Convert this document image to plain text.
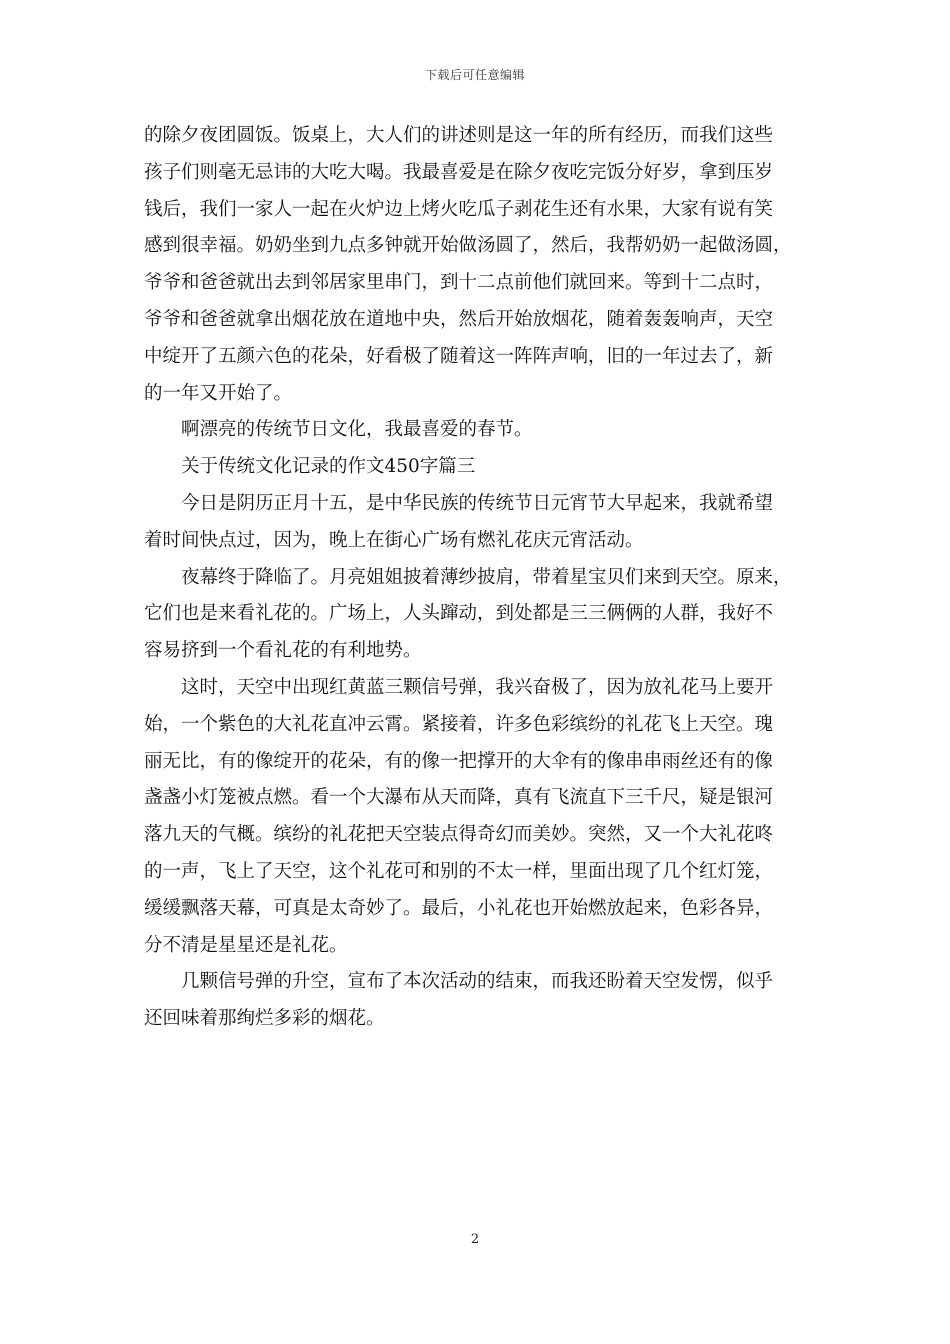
下载后可任意编辑
的除夕夜团圆饭。饭桌上，大人们的讲述则是这一年的所有经历，而我们这些
孩子们则毫无忌讳的大吃大喝。我最喜爱是在除夕夜吃完饭分好岁，拿到压岁
钱后，我们一家人一起在火炉边上烤火吃瓜子剥花生还有水果，大家有说有笑
感到很幸福。奶奶坐到九点多钟就开始做汤圆了，然后，我帮奶奶一起做汤圆，
爷爷和爸爸就出去到邻居家里串门，到十二点前他们就回来。等到十二点时，
爷爷和爸爸就拿出烟花放在道地中央，然后开始放烟花，随着轰轰响声，天空
中绽开了五颜六色的花朵，好看极了随着这一阵阵声响，旧的一年过去了，新
的一年又开始了。
啊漂亮的传统节日文化，我最喜爱的春节。
关于传统文化记录的作文450字篇三
今日是阴历正月十五，是中华民族的传统节日元宵节大早起来，我就希望
着时间快点过，因为，晚上在街心广场有燃礼花庆元宵活动。
夜幕终于降临了。月亮姐姐披着薄纱披肩，带着星宝贝们来到天空。原来，
它们也是来看礼花的。广场上，人头蹿动，到处都是三三俩俩的人群，我好不
容易挤到一个看礼花的有利地势。
这时，天空中出现红黄蓝三颗信号弹，我兴奋极了，因为放礼花马上要开
始，一个紫色的大礼花直冲云霄。紧接着，许多色彩缤纷的礼花飞上天空。瑰
丽无比，有的像绽开的花朵，有的像一把撑开的大伞有的像串串雨丝还有的像
盏盏小灯笼被点燃。看一个大瀑布从天而降，真有飞流直下三千尺，疑是银河
落九天的气概。缤纷的礼花把天空装点得奇幻而美妙。突然，又一个大礼花咚
的一声，飞上了天空，这个礼花可和别的不太一样，里面出现了几个红灯笼，
缓缓飘落天幕，可真是太奇妙了。最后，小礼花也开始燃放起来，色彩各异，
分不清是星星还是礼花。
几颗信号弹的升空，宣布了本次活动的结束，而我还盼着天空发愣，似乎
还回味着那绚烂多彩的烟花。
2
